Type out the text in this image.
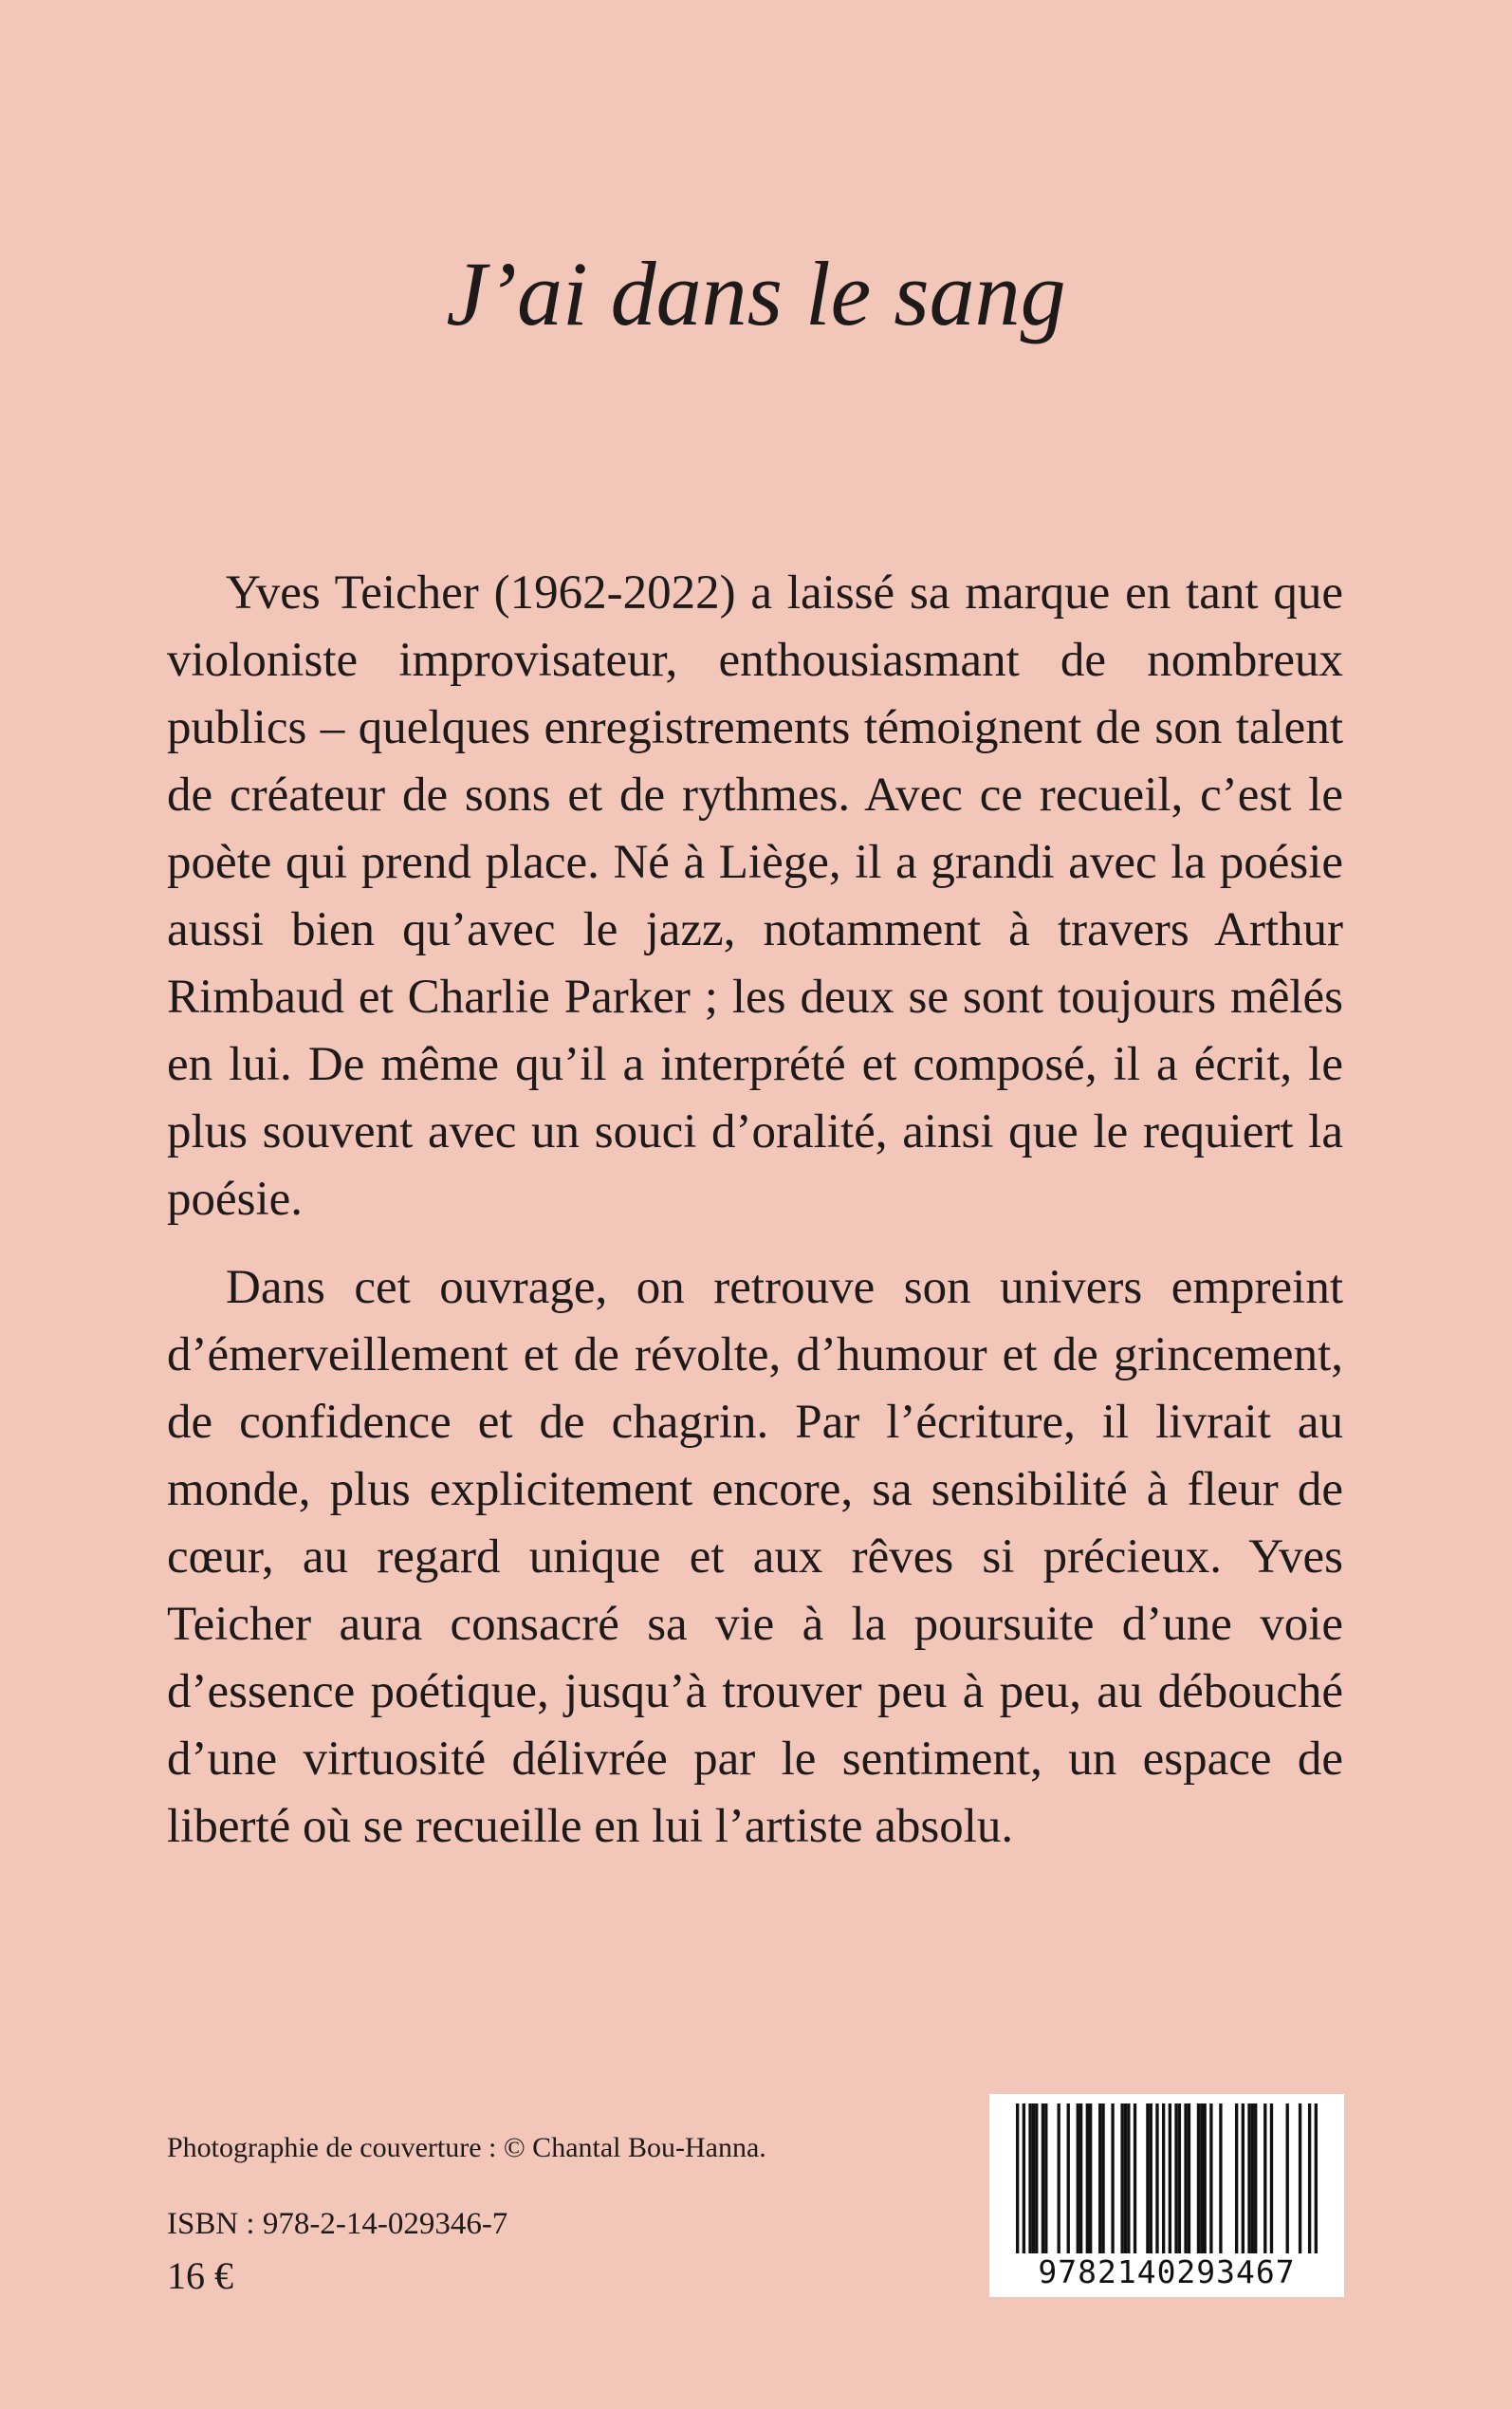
J’ai dans le sang

Yves Teicher (1962-2022) a laissé sa marque en tant que violoniste improvisateur, enthousiasmant de nombreux publics – quelques enregistrements témoignent de son talent de créateur de sons et de rythmes. Avec ce recueil, c’est le poète qui prend place. Né à Liège, il a grandi avec la poésie aussi bien qu’avec le jazz, notamment à travers Arthur Rimbaud et Charlie Parker ; les deux se sont toujours mêlés en lui. De même qu’il a interprété et composé, il a écrit, le plus souvent avec un souci d’oralité, ainsi que le requiert la poésie.

Dans cet ouvrage, on retrouve son univers empreint d’émerveillement et de révolte, d’humour et de grincement, de confidence et de chagrin. Par l’écriture, il livrait au monde, plus explicitement encore, sa sensibilité à fleur de cœur, au regard unique et aux rêves si précieux. Yves Teicher aura consacré sa vie à la poursuite d’une voie d’essence poétique, jusqu’à trouver peu à peu, au débouché d’une virtuosité délivrée par le sentiment, un espace de liberté où se recueille en lui l’artiste absolu.

Photographie de couverture : © Chantal Bou-Hanna.

ISBN : 978-2-14-029346-7

16 €	9782140293467
